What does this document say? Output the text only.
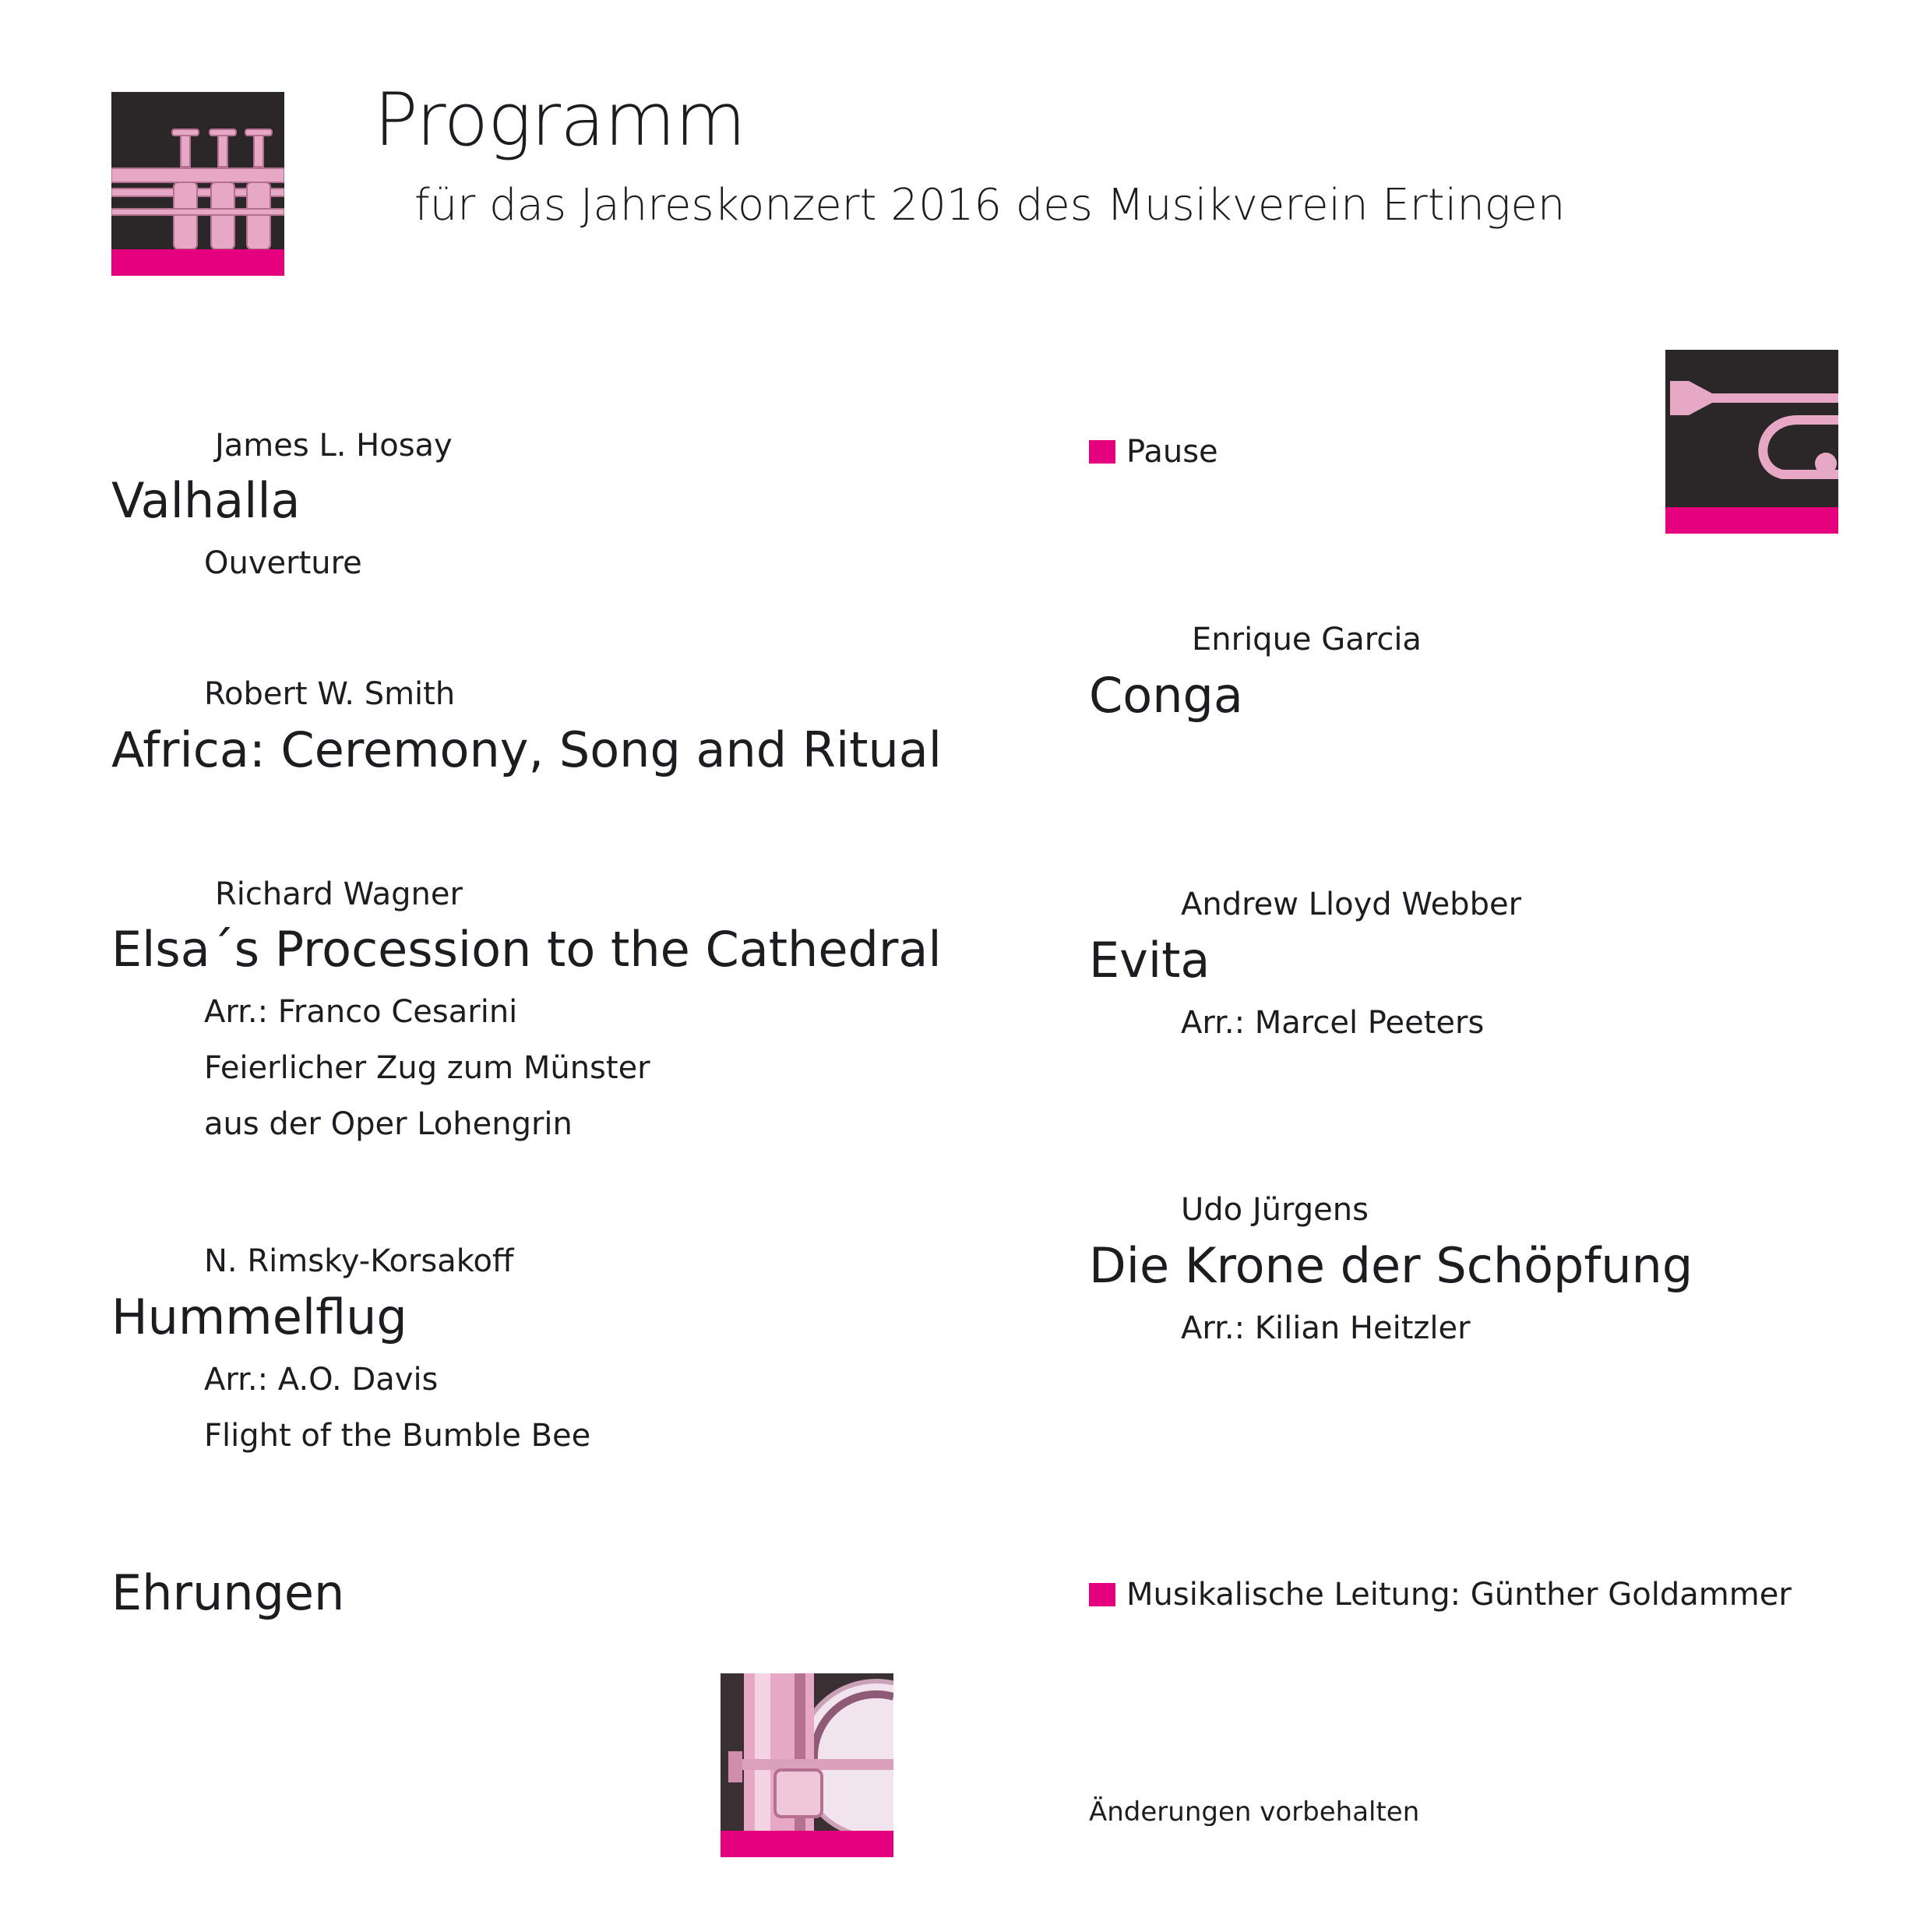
Programm
für das Jahreskonzert 2016 des Musikverein Ertingen
James L. Hosay
Valhalla
Ouverture
Robert W. Smith
Africa: Ceremony, Song and Ritual
Richard Wagner
Elsa´s Procession to the Cathedral
Arr.: Franco Cesarini
Feierlicher Zug zum Münster
aus der Oper Lohengrin
N. Rimsky-Korsakoff
Hummelflug
Arr.: A.O. Davis
Flight of the Bumble Bee
Ehrungen
Pause
Enrique Garcia
Conga
Andrew Lloyd Webber
Evita
Arr.: Marcel Peeters
Udo Jürgens
Die Krone der Schöpfung
Arr.: Kilian Heitzler
Musikalische Leitung: Günther Goldammer
Änderungen vorbehalten
